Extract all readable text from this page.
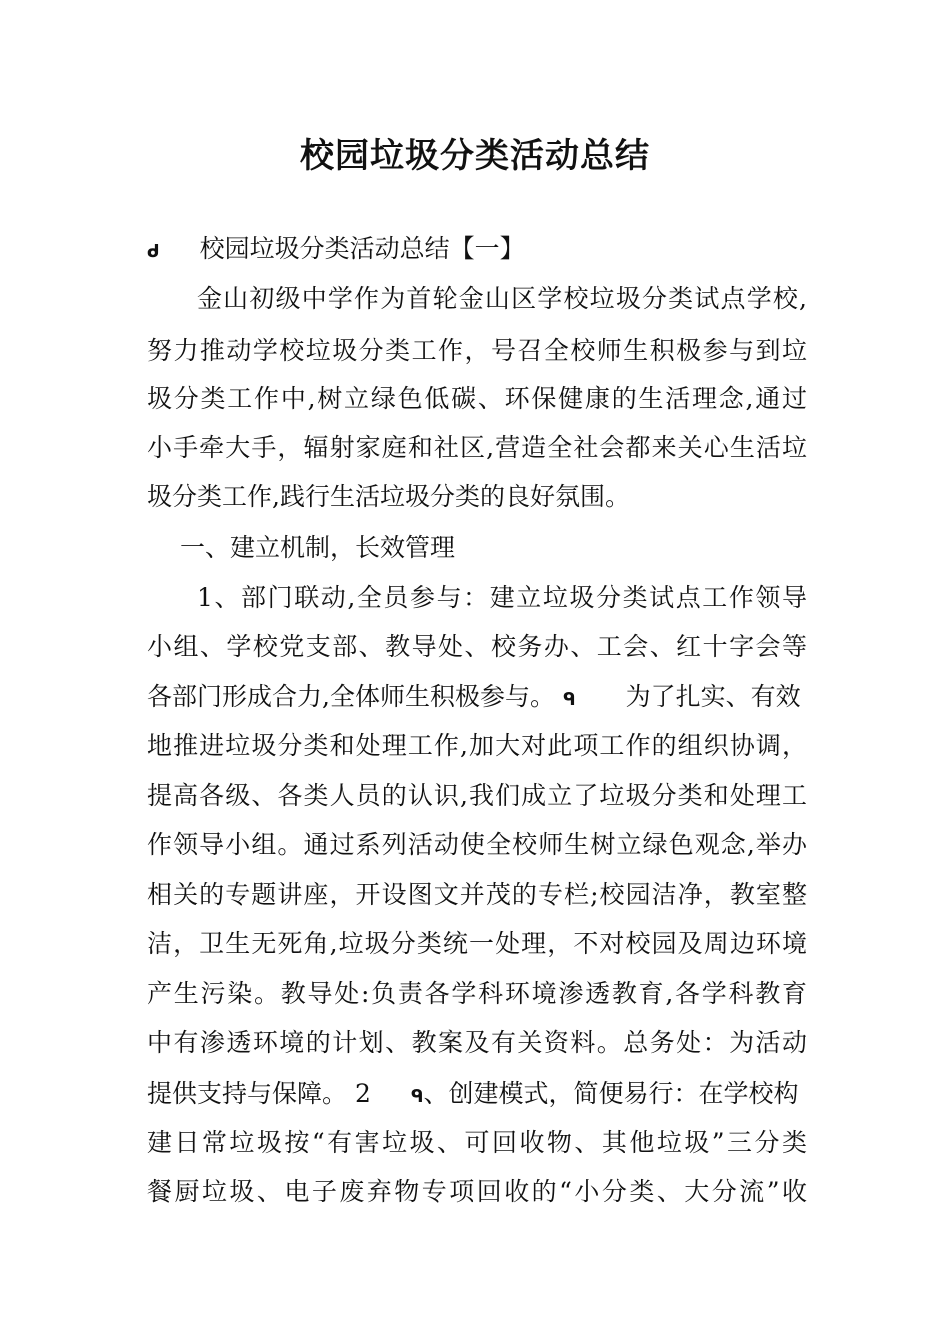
校园垃圾分类活动总结
ᑯ 校园垃圾分类活动总结【一】
金山初级中学作为首轮金山区学校垃圾分类试点学校,
努力推动学校垃圾分类工作，号召全校师生积极参与到垃
圾分类工作中,树立绿色低碳、环保健康的生活理念,通过
小手牵大手，辐射家庭和社区,营造全社会都来关心生活垃
圾分类工作,践行生活垃圾分类的良好氛围。
一、建立机制，长效管理
1、部门联动,全员参与：建立垃圾分类试点工作领导
小组、学校党支部、教导处、校务办、工会、红十字会等
各部门形成合力,全体师生积极参与。 ᑫ 为了扎实、有效
地推进垃圾分类和处理工作,加大对此项工作的组织协调，
提高各级、各类人员的认识,我们成立了垃圾分类和处理工
作领导小组。通过系列活动使全校师生树立绿色观念,举办
相关的专题讲座，开设图文并茂的专栏;校园洁净，教室整
洁，卫生无死角,垃圾分类统一处理，不对校园及周边环境
产生污染。教导处:负责各学科环境渗透教育,各学科教育
中有渗透环境的计划、教案及有关资料。总务处：为活动
提供支持与保障。 2 ᑫ、创建模式，简便易行：在学校构
建日常垃圾按“有害垃圾、可回收物、其他垃圾”三分类
餐厨垃圾、电子废弃物专项回收的“小分类、大分流”收
